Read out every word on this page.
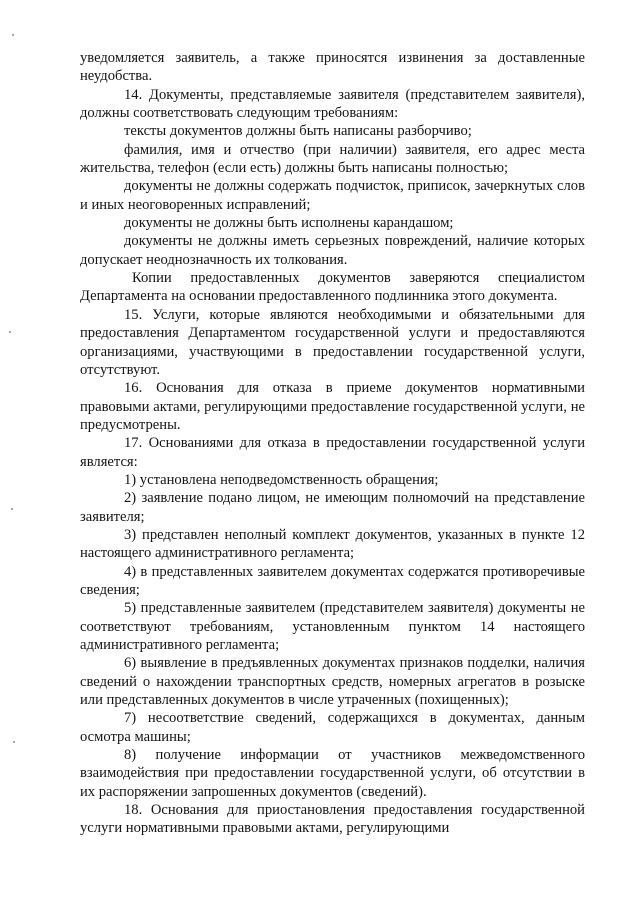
уведомляется заявитель, а также приносятся извинения за доставленные неудобства.

14. Документы, представляемые заявителя (представителем заявителя), должны соответствовать следующим требованиям:

тексты документов должны быть написаны разборчиво;

фамилия, имя и отчество (при наличии) заявителя, его адрес места жительства, телефон (если есть) должны быть написаны полностью;

документы не должны содержать подчисток, приписок, зачеркнутых слов и иных неоговоренных исправлений;

документы не должны быть исполнены карандашом;

документы не должны иметь серьезных повреждений, наличие которых допускает неоднозначность их толкования.

Копии предоставленных документов заверяются специалистом Департамента на основании предоставленного подлинника этого документа.

15. Услуги, которые являются необходимыми и обязательными для предоставления Департаментом государственной услуги и предоставляются организациями, участвующими в предоставлении государственной услуги, отсутствуют.

16. Основания для отказа в приеме документов нормативными правовыми актами, регулирующими предоставление государственной услуги, не предусмотрены.

17. Основаниями для отказа в предоставлении государственной услуги является:

1) установлена неподведомственность обращения;

2) заявление подано лицом, не имеющим полномочий на представление заявителя;

3) представлен неполный комплект документов, указанных в пункте 12 настоящего административного регламента;

4) в представленных заявителем документах содержатся противоречивые сведения;

5) представленные заявителем (представителем заявителя) документы не соответствуют требованиям, установленным пунктом 14 настоящего административного регламента;

6) выявление в предъявленных документах признаков подделки, наличия сведений о нахождении транспортных средств, номерных агрегатов в розыске или представленных документов в числе утраченных (похищенных);

7) несоответствие сведений, содержащихся в документах, данным осмотра машины;

8) получение информации от участников межведомственного взаимодействия при предоставлении государственной услуги, об отсутствии в их распоряжении запрошенных документов (сведений).

18. Основания для приостановления предоставления государственной услуги нормативными правовыми актами, регулирующими
